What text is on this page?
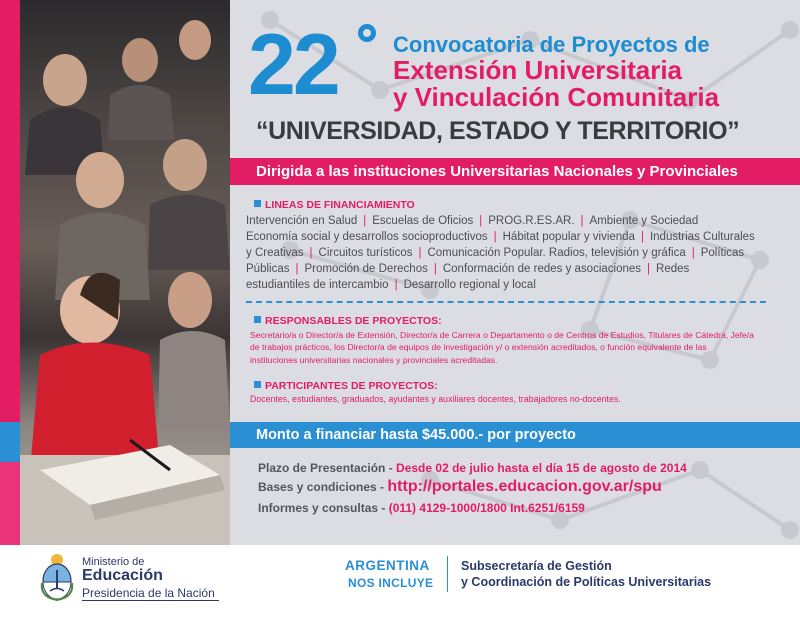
22	Convocatoria de Proyectos de
Extensión Universitaria
y Vinculación Comunitaria
“UNIVERSIDAD, ESTADO Y TERRITORIO”
Dirigida a las instituciones Universitarias Nacionales y Provinciales
LINEAS DE FINANCIAMIENTO
Intervención en Salud | Escuelas de Oficios | PROG.R.ES.AR. | Ambiente y Sociedad
Economía social y desarrollos socioproductivos | Hábitat popular y vivienda | Industrias Culturales y Creativas | Circuitos turísticos | Comunicación Popular. Radios, televisión y gráfica | Políticas Públicas | Promoción de Derechos | Conformación de redes y asociaciones | Redes estudiantiles de intercambio | Desarrollo regional y local
RESPONSABLES DE PROYECTOS:
Secretario/a o Director/a de Extensión, Director/a de Carrera o Departamento o de Centros de Estudios, Titulares de Cátedra, Jefe/a de trabajos prácticos, los Director/a de equipos de investigación y/ o extensión acreditados, o función equivalente de las instituciones universitarias nacionales y provinciales acreditadas.
PARTICIPANTES DE PROYECTOS:
Docentes, estudiantes, graduados, ayudantes y auxiliares docentes, trabajadores no-docentes.
Monto a financiar hasta $45.000.- por proyecto
Plazo de Presentación - Desde 02 de julio hasta el día 15 de agosto de 2014
Bases y condiciones - http://portales.educacion.gov.ar/spu
Informes y consultas - (011) 4129-1000/1800 Int.6251/6159
Ministerio de
Educación
Presidencia de la Nación
ARGENTINA
NOS INCLUYE
Subsecretaría de Gestión
y Coordinación de Políticas Universitarias
